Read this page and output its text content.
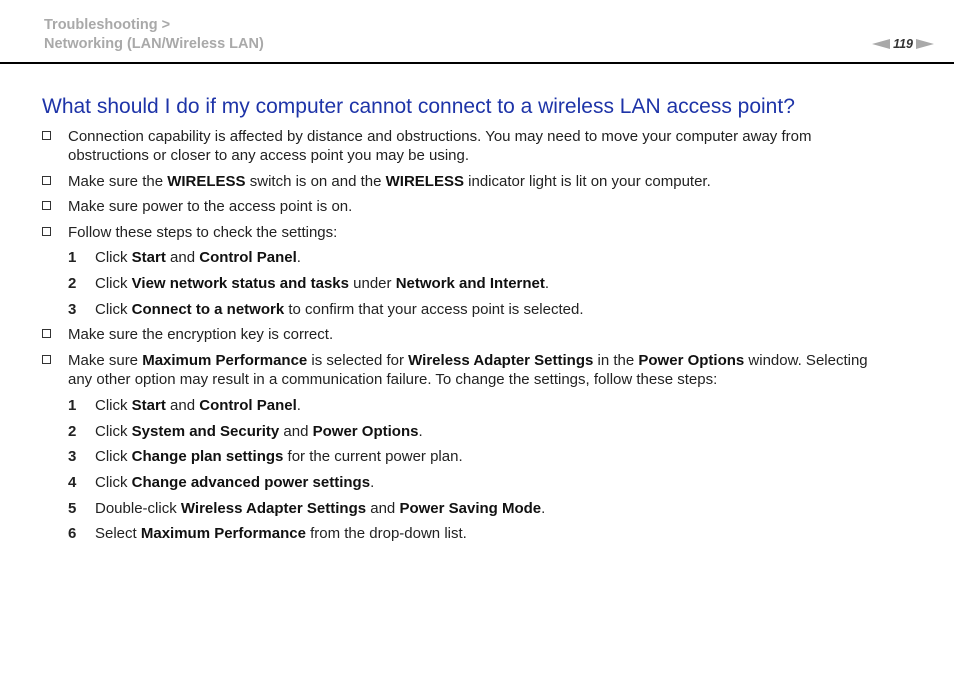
Troubleshooting >
Networking (LAN/Wireless LAN)	119
What should I do if my computer cannot connect to a wireless LAN access point?
Connection capability is affected by distance and obstructions. You may need to move your computer away from
obstructions or closer to any access point you may be using.
Make sure the WIRELESS switch is on and the WIRELESS indicator light is lit on your computer.
Make sure power to the access point is on.
Follow these steps to check the settings:
1 Click Start and Control Panel.
2 Click View network status and tasks under Network and Internet.
3 Click Connect to a network to confirm that your access point is selected.
Make sure the encryption key is correct.
Make sure Maximum Performance is selected for Wireless Adapter Settings in the Power Options window. Selecting
any other option may result in a communication failure. To change the settings, follow these steps:
1 Click Start and Control Panel.
2 Click System and Security and Power Options.
3 Click Change plan settings for the current power plan.
4 Click Change advanced power settings.
5 Double-click Wireless Adapter Settings and Power Saving Mode.
6 Select Maximum Performance from the drop-down list.
